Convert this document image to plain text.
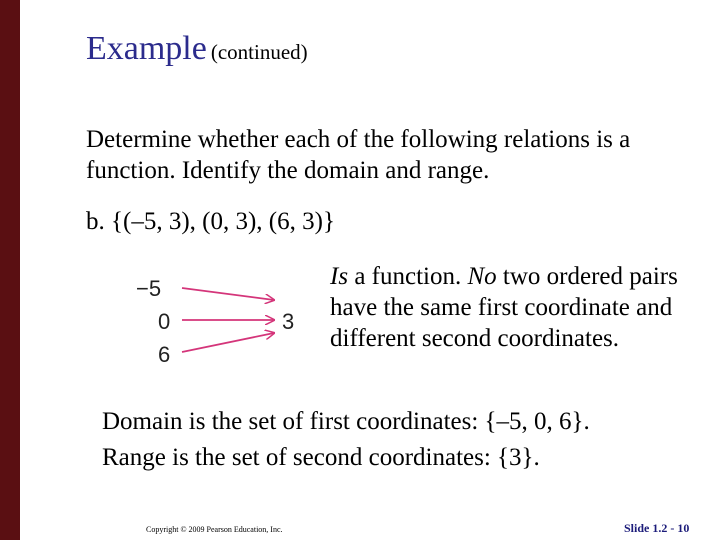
Example (continued)
Determine whether each of the following relations is a function. Identify the domain and range.
b. {(–5, 3), (0, 3), (6, 3)}
−5
0
6
3
Is a function. No two ordered pairs have the same first coordinate and different second coordinates.
Domain is the set of first coordinates: {–5, 0, 6}.
Range is the set of second coordinates: {3}.
Copyright © 2009 Pearson Education, Inc.	Slide 1.2 - 10
